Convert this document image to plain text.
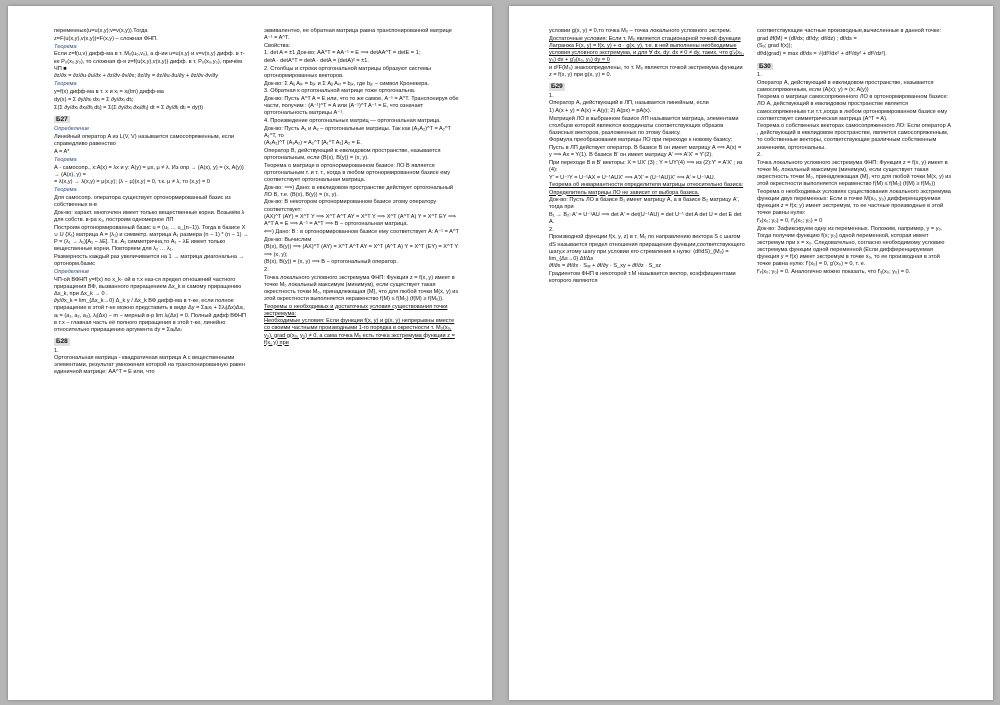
переменных(u=u(x,y);v=v(x,y)).Тогда
z=F(u(x,y),v(x,y))=F(x,y) – сложная ФНП.
Теорема
Если z=f(u,v) дифф-ма в т. M₀(u₀,v₀), а ф-ии u=u(x,y) и v=v(x,y) дифф. в т-ке P₀(x₀,y₀), то сложная ф-я z=f(u(x,y),v(x,y)) дифф. в т. P₀(x₀,y₀), причём ЧП ■
∂z/∂x = ∂z/∂u·∂u/∂x + ∂z/∂v·∂v/∂x; ∂z/∂y = ∂z/∂u·∂u/∂y + ∂z/∂v·∂v/∂y
Теорема
y=f(x) дифф-ма в т. x и xᵢ = xᵢ(tm) дифф-ма
dy(x) = Σ ∂y/∂xᵢ dxᵢ = Σ ∂y/∂xᵢ dtᵢ;
Σ(Σ ∂y/∂xᵢ ∂xᵢ/∂tᵢ dtᵢ) = Σ(Σ ∂y/∂xᵢ ∂xᵢ/∂tᵢ) dt = Σ ∂y/∂tᵢ dtᵢ = dy(t)
Б27
Определение
Линейный оператор A из L(V, V) называется самосопряженным, если справедливо равенство
A = A*
Теорема
А - самосопр., x:A(x) = λx и y: A(y) = μx, μ ≠ λ. Из опр → (A(x), y) = (x, A(y)) → (A(x), y) =
= λ(x,y) → λ(x,y) = μ(x,y); (λ − μ)(x,y) = 0, т.к. μ ≠ λ, то (x,y) = 0
Теорема
Для самосопр. оператора существует ортонормированный базис из собственных в-в
Док-во: характ. многочлен имеет только вещественные корни. Возьмём λ для собств. в-ра x₁, построим одномерное ЛП
Построим ортонормированный базис u = (u₁ … u_{n−1}). Тогда в базисе X ∪ U {X₁} матрица A = (λ₁) и симметр. матрица A₁ размера (n − 1) * (n − 1) → P = (λ₁ → λ₁)[A₁ − λE]. Т.к. A₁ симметрична,то A₁ − λE имеет только вещественные корни. Повторяем для λ₂ … λ₁.
Размерность каждый раз увеличивается на 1 → матрица диагональна → ортонорм.базис
Определение
ЧП-ой ВФНП y=f(x) по x_k- ой в т.x наз-ся предел отношений частного приращения ВФ, вызванного приращением Δx_k в самому приращению Δx_k, при Δx_k → 0 .
∂y/∂x_k = lim_{Δx_k→0} Δ_k y / Δx_k ВФ дифф-ма в т-ке, если полное приращение в этой т-ке можно представить в виде Δy = Σaᵢxᵢ + Σλᵢ(Δx)Δxᵢ, aᵢ = (a₁, a₂, a₃), λᵢ(Δx) − m − мерный в-р lim λᵢ(Δx) = 0. Полный дифф ВФНП в т.x – главная часть её полного приращения в этой т-ке, линейно относительно приращению аргумента dy = ΣaᵢΔxᵢ
Б28
1.
Ортогональная матрица - квадратичная матрица A с вещественными элементами, результат умножения которой на транспонированную равен единичной матрице: AA^T = E или, что
эквивалентно, ее обратная матрица равна транспонированной матрице A⁻¹ = A^T.
Свойства:
1. det A = ±1 Док-во: AA^T = AA⁻¹ = E ⟹ detAA^T = detE = 1;
detA · detA^T = detA · detA = (detA)² = ±1.
2. Столбцы и строки ортогональной матрицы образуют системы ортонормированных векторов.
Док-во: Σ Aᵢⱼ Aᵢₖ = bⱼₖ и Σ Aⱼᵢ Aₖᵢ = bⱼₖ, где bⱼₖ – символ Кронекера.
3. Обратная к ортогональной матрице тоже ортогональна.
Док-во: Пусть A^T A = E или, что то же самое, A⁻¹ = A^T. Транспонируя обе части, получим : (A⁻¹)^T = A или (A⁻¹)^T A⁻¹ = E, что означает ортогональность матрицы A⁻¹.
4. Произведение ортогональных матриц — ортогональная матрица.
Док-во: Пусть A₁ и A₂ – ортогональные матрицы. Так как (A₁A₂)^T = A₂^T A₁^T, то
(A₁A₂)^T (A₁A₂) = A₂^T [A₁^T A₁] A₂ = E.
Оператор B, действующий в евклидовом пространстве, называется ортогональным, если (B(x), B(y)) = (x, y).
Теорема о матрице в ортонормированном базисе: ЛО B является ортогональным т. и т. т., когда в любом ортонормированном базисе ему соответствует ортогональная матрица.
Док-во: ⟹) Дано: в евклидовом пространстве действует ортогональный ЛО B, т.е. (B(x), B(y)) = (x, y).
Док-во: В некотором ортонормированном базисе этому оператору соответствует:
(AX)^T (AY) = X^T Y ⟹ X^T A^T AY = X^T Y ⟹ X^T (A^T A) Y = X^T EY ⟹ A^T A = E ⟹ A⁻¹ = A^T ⟹ B – ортогональная матрица.
⟸) Дано: B : в ортонормированном базисе ему соответствует A: A⁻¹ = A^T
Док-во: Вычислим
(B(x), B(y)) ⟹ (AX)^T (AY) = X^T A^T AY = X^T (A^T A) Y = X^T (EY) = X^T Y ⟹ (x, y);
(B(x), B(y)) = (x, y) ⟹ B – ортогональный оператор.
2.
Точка локального условного экстремума ФНП: Функция z = f(x, y) имеет в точке M₀ локальный максимум (минимум), если существует такая окрестность точки M₀, принадлежащая {M}, что для любой точки M(x, y) из этой окрестности выполняется неравенство f(M) ≤ f(M₀) (f(M) ≥ f(M₀)).
Теоремы о необходимых и достаточных условия существования точки экстремума:
Необходимые условия: Если функции f(x, y) и g(x, y) непрерывны вместе со своими частными производными 1-го порядка в окрестности т. M₀(x₀, y₀), grad g(x₀, y₀) ≠ 0, а сама точка M₀ есть точка экстремума функции z = f(x, y) при
условии g(x, y) = 0,то точка M₀ – точка локального условного экстрем.
Достаточные условия: Если т. M₀ является стационарной точкой функции Лагранжа F(x, y) = f(x, y) + α · g(x, y), т.е. в ней выполнены необходимые условия условного экстремума, и для ∀ dx, dy: dx ≠ 0 ≠ dy, таких, что g'ₓ(x₀, y₀) dx + g'ᵧ(x₀, y₀) dy = 0
и d²F(M₀) знакоопределены, то т. M₀ является точкой экстремума функции z = f(x, y) при g(x, y) = 0.
Б29
1.
Оператор A, действующий в ЛП, называется линейным, если
1) A(x + y) = A(x) + A(y); 2) A(px) = pA(x).
Матрицей ЛО в выбранном базисе ЛП называется матрица, элементами столбцов которой являются координаты соответствующих образов базисных векторов, разложенных по этому базису.
Формула преобразования матрицы ЛО при переходе к новому базису:
Пусть в ЛП действует оператор. В базисе B он имеет матрицу A ⟹ A(x) = y ⟹ Ax = Y(1). В базисе B' он имеет матрицу A' ⟹ A'X' = Y'(2).
При переходе B в B' векторы: X = UX' (3) ; Y = UY'(4) ⟹ из (2):Y' = A'X' ; из (4):
Y' = U⁻¹Y = U⁻¹AX = U⁻¹AUX' ⟹ A'X' = (U⁻¹AU)X' ⟹ A' = U⁻¹AU.
Теорема об инвариантности определителя матрицы относительно базиса: Определитель матрицы ЛО не зависит от выбора базиса.
Док-во: Пусть ЛО в базисе B₁ имеет матрицу A, а в базисе B₂ матрицу A', тогда при
B₁ → B₂: A' = U⁻¹AU ⟹ det A' = det(U⁻¹AU) = det U⁻¹ det A det U = det E det A.
2.
Производной функции f(x, y, z) в т. M₀ по направлению вектора S с шагом dS называется предел отношения приращения функции,соответствующего шагу,к этому шагу при условии его стремления к нулю: (df/dS)_{M₀} = lim_{Δs→0} Δf/Δs
∂f/∂s = ∂f/∂x · Sₓₓ + ∂f/∂y · S_xy + ∂f/∂z · S_xz
Градиентом ФНП в некоторой т.M называется вектор, коэффициентами которого являются
соответствующие частные производные,вычисленные в данной точке:
grad ∂f(M) = (df/dx; df/dy; df/dz) ; df/ds =
(Sₒ; grad f(x));
df/d(grad) = max df/ds = √(df²/dx² + df²/dy² + df²/dz²).
Б30
1.
Оператор A, действующий в евклидовом пространстве, называется самосопряженным, если (A(x); y) = (x; A(y))
Теорема о матрице самосопряженного ЛО в ортонормированном базисе: ЛО A, действующий в евклидовом пространстве является самосопряженным т.и т.т.,когда в любом ортонормированном базисе ему соответствует симметрическая матрица (A^T = A).
Теорема о собственных векторах самосопряженного ЛО: Если оператор A , действующий в евклидовом пространстве, является самосопряженным, то собственные векторы, соответствующие различным собственным значениям, ортогональны.
2.
Точка локального условного экстремума ФНП: Функция z = f(x, y) имеет в точке M₀ локальный максимум (минимум), если существует такая окрестность точки M₀, принадлежащая {M}, что для любой точки M(x, y) из этой окрестности выполняется неравенство f(M) ≤ f(M₀) (f(M) ≥ f(M₀))
Теорема о необходимых условиях существования локального экстремума функции двух переменных: Если в точке M(x₀, y₀) дифференцируемая функция z = f(x; y) имеет экстремум, то ее частные производные в этой точке равны нулю:
f'ₓ(x₀; y₀) = 0, f'ᵧ(x₀; y₀) = 0
Док-во: Зафиксируем одну из переменных. Положим, например, y = y₀. Тогда получим функцию f(x; y₀) одной переменной, которая имеет экстремум при x = x₀. Следовательно, согласно необходимому условию экстремума функции одной переменной (Если дифференцируемая функция y = f(x) имеет экстремум в точке x₀, то ее производная в этой точке равна нулю: f'(x₀) = 0, g'(x₀) = 0, т. е.
f'ₓ(x₀; y₀) = 0. Аналогично можно показать, что f'ᵧ(x₀; y₀) = 0.
